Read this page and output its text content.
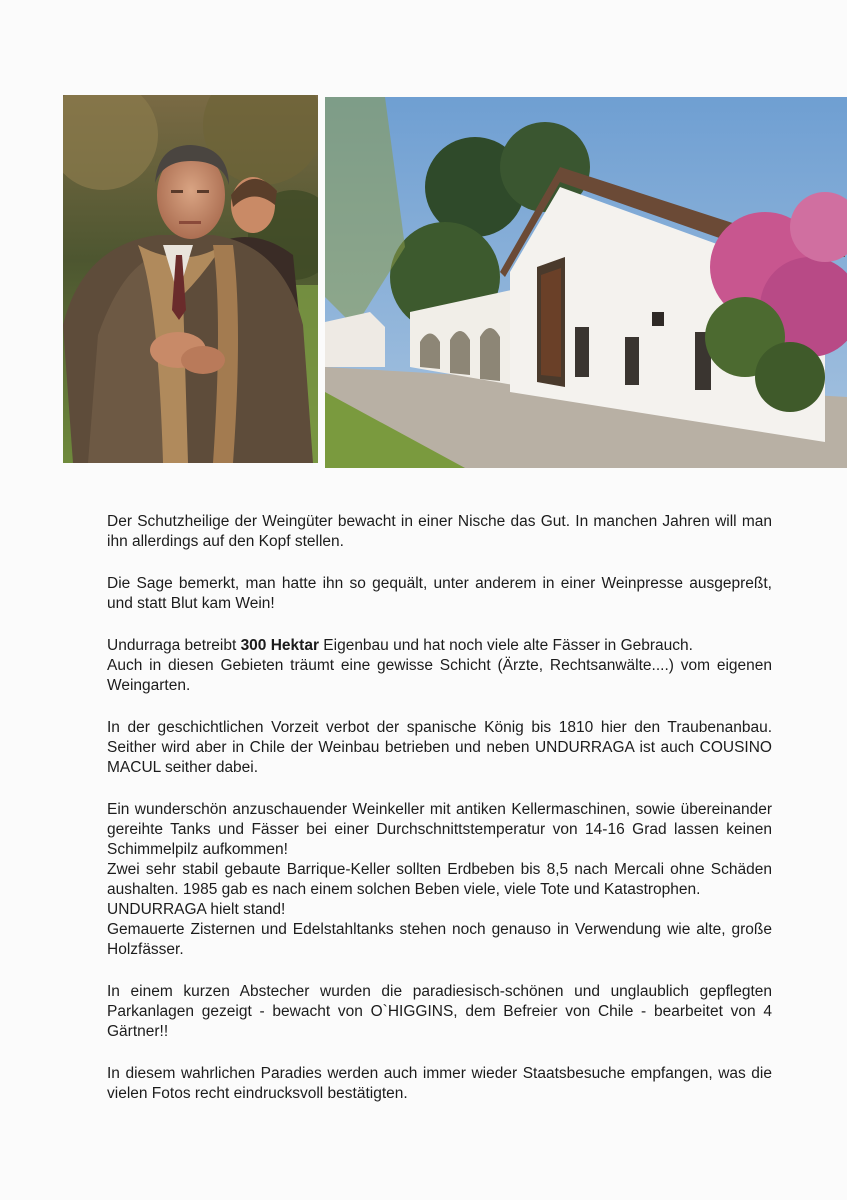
Der Schutzheilige der Weingüter bewacht in einer Nische das Gut. In manchen Jahren will man ihn allerdings auf den Kopf stellen.

Die Sage bemerkt, man hatte ihn so gequält, unter anderem in einer Weinpresse ausgepreßt, und statt Blut kam Wein!

Undurraga betreibt 300 Hektar Eigenbau und hat noch viele alte Fässer in Gebrauch.
Auch in diesen Gebieten träumt eine gewisse Schicht (Ärzte, Rechtsanwälte....) vom eigenen Weingarten.

In der geschichtlichen Vorzeit verbot der spanische König bis 1810 hier den Traubenanbau. Seither wird aber in Chile der Weinbau betrieben und neben UNDURRAGA ist auch COUSINO MACUL seither dabei.

Ein wunderschön anzuschauender Weinkeller mit antiken Kellermaschinen, sowie übereinander gereihte Tanks und Fässer bei einer Durchschnittstemperatur von 14-16 Grad lassen keinen Schimmelpilz aufkommen!
Zwei sehr stabil gebaute Barrique-Keller sollten Erdbeben bis 8,5 nach Mercali ohne Schäden aushalten. 1985 gab es nach einem solchen Beben viele, viele Tote und Katastrophen.
UNDURRAGA hielt stand!
Gemauerte Zisternen und Edelstahltanks stehen noch genauso in Verwendung wie alte, große Holzfässer.

In einem kurzen Abstecher wurden die paradiesisch-schönen und unglaublich gepflegten Parkanlagen gezeigt - bewacht von O`HIGGINS, dem Befreier von Chile - bearbeitet von 4 Gärtner!!

In diesem wahrlichen Paradies werden auch immer wieder Staatsbesuche empfangen, was die vielen Fotos recht eindrucksvoll bestätigten.
